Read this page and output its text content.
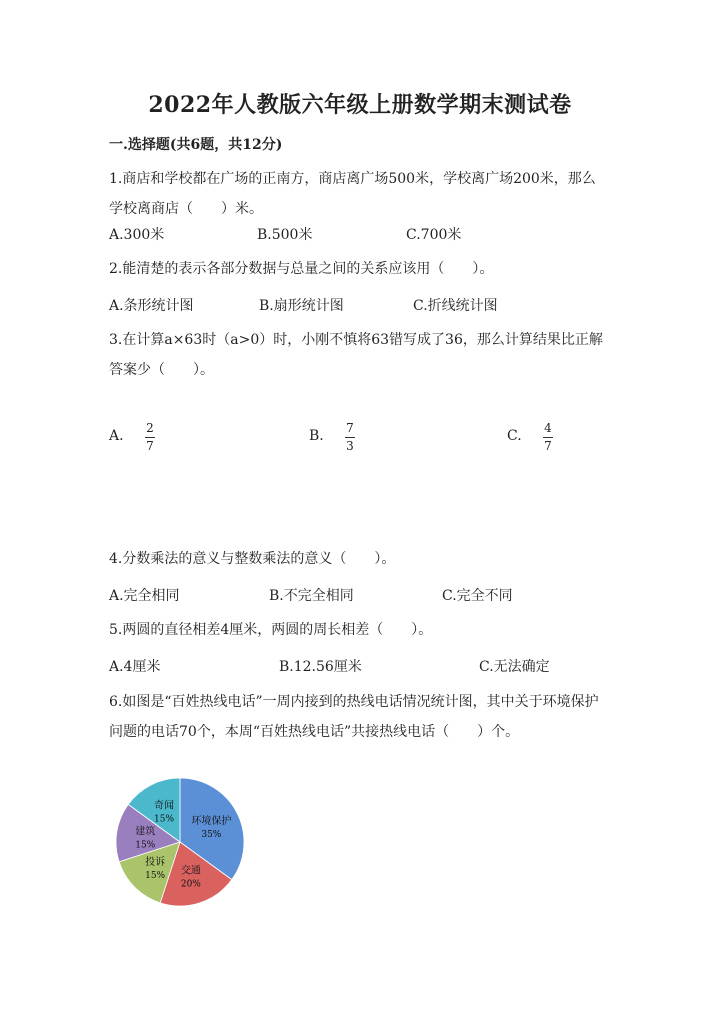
2022年人教版六年级上册数学期末测试卷
一.选择题(共6题，共12分)
1.商店和学校都在广场的正南方，商店离广场500米，学校离广场200米，那么学校离商店（　　）米。
A.300米	B.500米	C.700米
2.能清楚的表示各部分数据与总量之间的关系应该用（　　）。
A.条形统计图	B.扇形统计图	C.折线统计图
3.在计算a×63时（a>0）时，小刚不慎将63错写成了36，那么计算结果比正解答案少（　　）。
A. 2
7
B. 7
3
C. 4
7
4.分数乘法的意义与整数乘法的意义（　　）。
A.完全相同	B.不完全相同	C.完全不同
5.两圆的直径相差4厘米，两圆的周长相差（　　）。
A.4厘米	B.12.56厘米	C.无法确定
6.如图是“百姓热线电话”一周内接到的热线电话情况统计图，其中关于环境保护问题的电话70个，本周“百姓热线电话”共接热线电话（　　）个。
环境保护
35%
交通
20%
投诉
15%
建筑
15%
奇闻
15%
